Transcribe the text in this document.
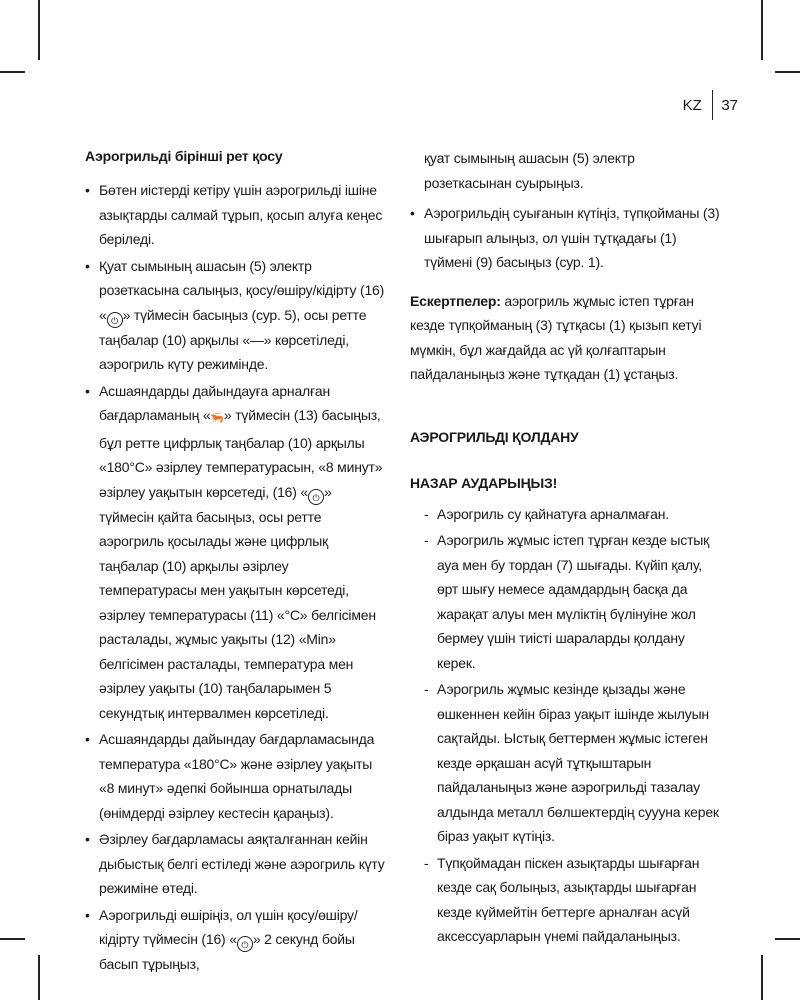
KZ 37
Аэрогрильді бірінші рет қосу
• Бөтен иістерді кетіру үшін аэрогрильді ішіне азықтарды салмай тұрып, қосып алуға кеңес беріледі.
• Қуат сымының ашасын (5) электр розеткасына салыңыз, қосу/өшіру/кідірту (16) « ⏻ » түймесін басыңыз (сур. 5), осы ретте таңбалар (10) арқылы «—» көрсетіледі, аэрогриль күту режимінде.
• Асшаяндарды дайындауға арналған бағдарламаның «🦐» түймесін (13) басыңыз, бұл ретте цифрлық таңбалар (10) арқылы «180°C» әзірлеу температурасын, «8 минут» әзірлеу уақытын көрсетеді, (16) « ⏻ » түймесін қайта басыңыз, осы ретте аэрогриль қосылады және цифрлық таңбалар (10) арқылы әзірлеу температурасы мен уақытын көрсетеді, әзірлеу температурасы (11) «°C» белгісімен расталады, жұмыс уақыты (12) «Min» белгісімен расталады, температура мен әзірлеу уақыты (10) таңбаларымен 5 секундтық интервалмен көрсетіледі.
• Асшаяндарды дайындау бағдарламасында температура «180°C» және әзірлеу уақыты «8 минут» әдепкі бойынша орнатылады (өнімдерді әзірлеу кестесін қараңыз).
• Әзірлеу бағдарламасы аяқталғаннан кейін дыбыстық белгі естіледі және аэрогриль күту режиміне өтеді.
• Аэрогрильді өшіріңіз, ол үшін қосу/өшіру/кідірту түймесін (16) « ⏻ » 2 секунд бойы басып тұрыңыз,

қуат сымының ашасын (5) электр розеткасынан суырыңыз.

• Аэрогрильдің суығанын күтіңіз, түпқойманы (3) шығарып алыңыз, ол үшін тұтқадағы (1) түймені (9) басыңыз (сур. 1).

Ескертпелер: аэрогриль жұмыс істеп тұрған кезде түпқойманың (3) тұтқасы (1) қызып кетуі мүмкін, бұл жағдайда ас үй қолғаптарын пайдаланыңыз және тұтқадан (1) ұстаңыз.

АЭРОГРИЛЬДІ ҚОЛДАНУ
НАЗАР АУДАРЫҢЫЗ!
- Аэрогриль су қайнатуға арналмаған.
- Аэрогриль жұмыс істеп тұрған кезде ыстық ауа мен бу тордан (7) шығады. Күйіп қалу, өрт шығу немесе адамдардың басқа да жарақат алуы мен мүліктің бүлінуіне жол бермеу үшін тиісті шараларды қолдану керек.
- Аэрогриль жұмыс кезінде қызады және өшкеннен кейін біраз уақыт ішінде жылуын сақтайды. Ыстық беттермен жұмыс істеген кезде әрқашан асүй тұтқыштарын пайдаланыңыз және аэрогрильді тазалау алдында металл бөлшектердің суууна керек біраз уақыт күтіңіз.
- Түпқоймадан піскен азықтарды шығарған кезде сақ болыңыз, азықтарды шығарған кезде күймейтін беттерге арналған асүй аксессуарларын үнемі пайдаланыңыз.
